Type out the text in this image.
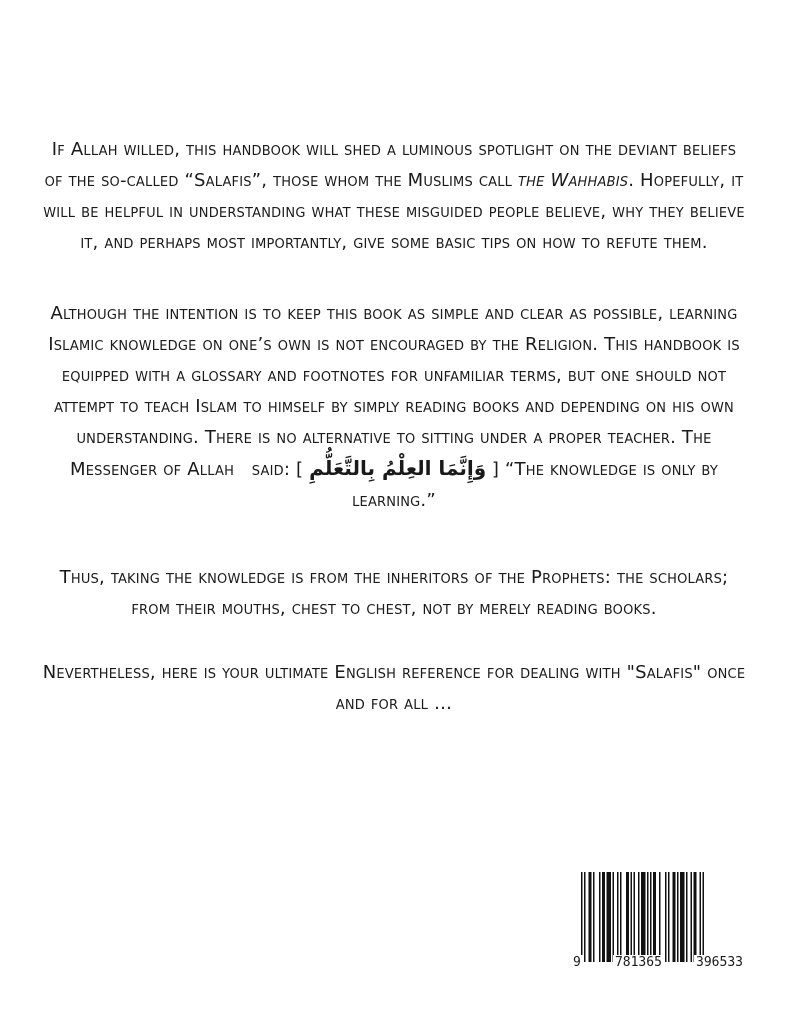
If Allah willed, this handbook will shed a luminous spotlight on the deviant beliefs of the so-called “Salafis”, those whom the Muslims call the Wahhabis. Hopefully, it will be helpful in understanding what these misguided people believe, why they believe it, and perhaps most importantly, give some basic tips on how to refute them.
Although the intention is to keep this book as simple and clear as possible, learning Islamic knowledge on one’s own is not encouraged by the Religion. This handbook is equipped with a glossary and footnotes for unfamiliar terms, but one should not attempt to teach Islam to himself by simply reading books and depending on his own understanding. There is no alternative to sitting under a proper teacher. The Messenger of Allah   said: [ وَإِنَّمَا العِلْمُ بِالتَّعَلُّمِ ] “The knowledge is only by learning.”
Thus, taking the knowledge is from the inheritors of the Prophets: the scholars; from their mouths, chest to chest, not by merely reading books.
Nevertheless, here is your ultimate English reference for dealing with "Salafis" once and for all …
9	781365	396533
